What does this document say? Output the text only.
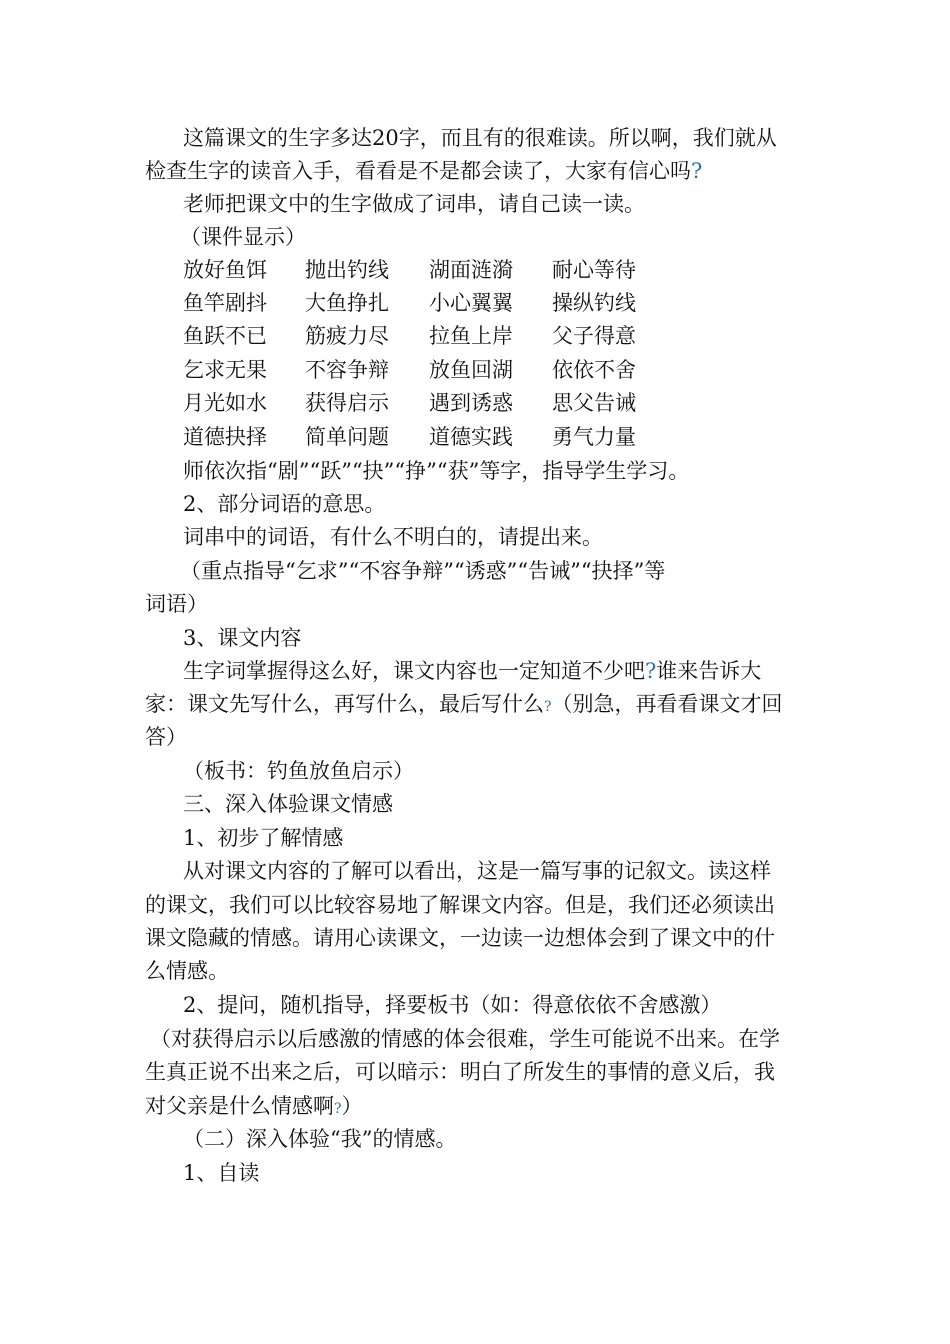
这篇课文的生字多达20字，而且有的很难读。所以啊，我们就从
检查生字的读音入手，看看是不是都会读了，大家有信心吗?
老师把课文中的生字做成了词串，请自己读一读。
（课件显示）
放好鱼饵 抛出钓线 湖面涟漪 耐心等待
鱼竿剧抖 大鱼挣扎 小心翼翼 操纵钓线
鱼跃不已 筋疲力尽 拉鱼上岸 父子得意
乞求无果 不容争辩 放鱼回湖 依依不舍
月光如水 获得启示 遇到诱惑 思父告诫
道德抉择 简单问题 道德实践 勇气力量
师依次指“剧”“跃”“抉”“挣”“获”等字，指导学生学习。
2、部分词语的意思。
词串中的词语，有什么不明白的，请提出来。
（重点指导“乞求”“不容争辩”“诱惑”“告诫”“抉择”等
词语）
3、课文内容
生字词掌握得这么好，课文内容也一定知道不少吧?谁来告诉大
家：课文先写什么，再写什么，最后写什么?（别急，再看看课文才回
答）
（板书：钓鱼放鱼启示）
三、深入体验课文情感
1、初步了解情感
从对课文内容的了解可以看出，这是一篇写事的记叙文。读这样
的课文，我们可以比较容易地了解课文内容。但是，我们还必须读出
课文隐藏的情感。请用心读课文，一边读一边想体会到了课文中的什
么情感。
2、提问，随机指导，择要板书（如：得意依依不舍感激）
（对获得启示以后感激的情感的体会很难，学生可能说不出来。在学
生真正说不出来之后，可以暗示：明白了所发生的事情的意义后，我
对父亲是什么情感啊?）
（二）深入体验“我”的情感。
1、自读
